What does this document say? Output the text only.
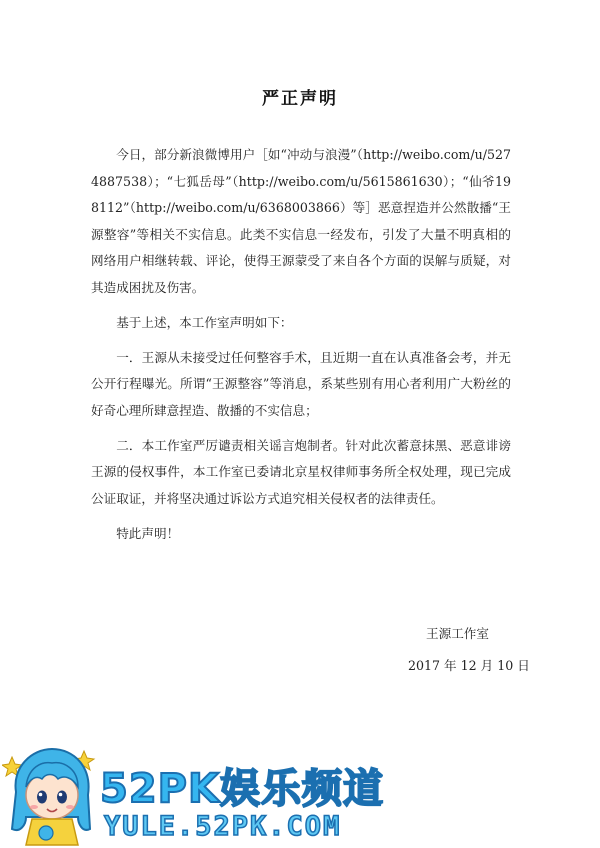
严正声明

今日，部分新浪微博用户［如“冲动与浪漫”（http://weibo.com/u/5274887538）；“七狐岳母”（http://weibo.com/u/5615861630）；“仙爷198112”（http://weibo.com/u/6368003866）等］恶意捏造并公然散播“王源整容”等相关不实信息。此类不实信息一经发布，引发了大量不明真相的网络用户相继转载、评论，使得王源蒙受了来自各个方面的误解与质疑，对其造成困扰及伤害。

基于上述，本工作室声明如下：

一．王源从未接受过任何整容手术，且近期一直在认真准备会考，并无公开行程曝光。所谓“王源整容”等消息，系某些别有用心者利用广大粉丝的好奇心理所肆意捏造、散播的不实信息；

二．本工作室严厉谴责相关谣言炮制者。针对此次蓄意抹黑、恶意诽谤王源的侵权事件，本工作室已委请北京星权律师事务所全权处理，现已完成公证取证，并将坚决通过诉讼方式追究相关侵权者的法律责任。

特此声明！

王源工作室
2017 年 12 月 10 日
52PK娱乐频道
YULE.52PK.COM
